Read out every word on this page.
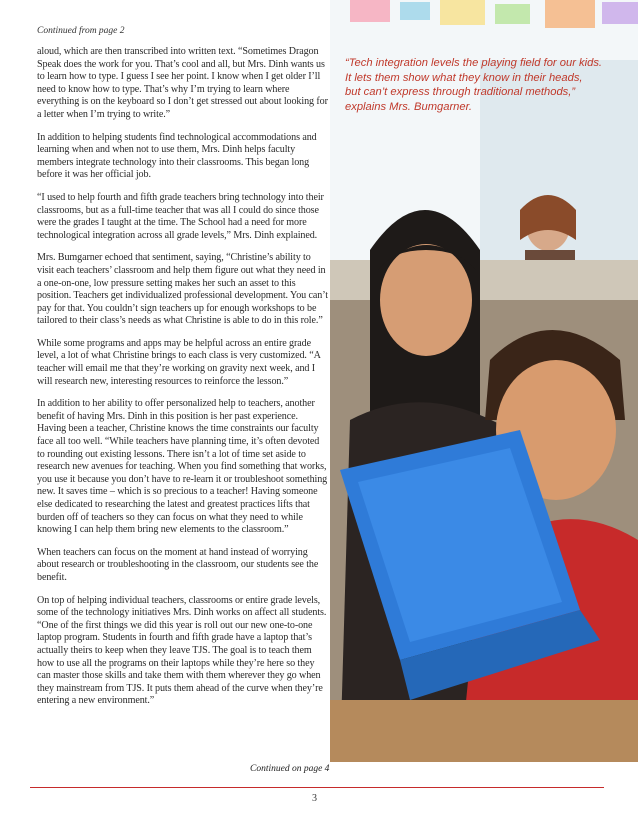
Continued from page 2

aloud, which are then transcribed into written text. “Sometimes Dragon Speak does the work for you. That’s cool and all, but Mrs. Dinh wants us to learn how to type. I guess I see her point. I know when I get older I’ll need to know how to type. That’s why I’m trying to learn where everything is on the keyboard so I don’t get stressed out about looking for a letter when I’m trying to write.”

In addition to helping students find technological accommodations and learning when and when not to use them, Mrs. Dinh helps faculty members integrate technology into their classrooms. This began long before it was her official job.

“I used to help fourth and fifth grade teachers bring technology into their classrooms, but as a full-time teacher that was all I could do since those were the grades I taught at the time. The School had a need for more technological integration across all grade levels,” Mrs. Dinh explained.

Mrs. Bumgarner echoed that sentiment, saying, “Christine’s ability to visit each teachers’ classroom and help them figure out what they need in a one-on-one, low pressure setting makes her such an asset to this position. Teachers get individualized professional development. You can’t pay for that. You couldn’t sign teachers up for enough workshops to be tailored to their class’s needs as what Christine is able to do in this role.”

While some programs and apps may be helpful across an entire grade level, a lot of what Christine brings to each class is very customized. “A teacher will email me that they’re working on gravity next week, and I will research new, interesting resources to reinforce the lesson.”

In addition to her ability to offer personalized help to teachers, another benefit of having Mrs. Dinh in this position is her past experience. Having been a teacher, Christine knows the time constraints our faculty face all too well. “While teachers have planning time, it’s often devoted to rounding out existing lessons. There isn’t a lot of time set aside to research new avenues for teaching. When you find something that works, you use it because you don’t have to re-learn it or troubleshoot something new. It saves time – which is so precious to a teacher! Having someone else dedicated to researching the latest and greatest practices lifts that burden off of teachers so they can focus on what they need to while knowing I can help them bring new elements to the classroom.”

When teachers can focus on the moment at hand instead of worrying about research or troubleshooting in the classroom, our students see the benefit.

On top of helping individual teachers, classrooms or entire grade levels, some of the technology initiatives Mrs. Dinh works on affect all students. “One of the first things we did this year is roll out our new one-to-one laptop program. Students in fourth and fifth grade have a laptop that’s actually theirs to keep when they leave TJS. The goal is to teach them how to use all the programs on their laptops while they’re here so they can master those skills and take them with them wherever they go when they mainstream from TJS. It puts them ahead of the curve when they’re entering a new environment.”

“Tech integration levels the playing field for our kids.
It lets them show what they know in their heads,
but can’t express through traditional methods,”
explains Mrs. Bumgarner.
Continued on page 4
3
